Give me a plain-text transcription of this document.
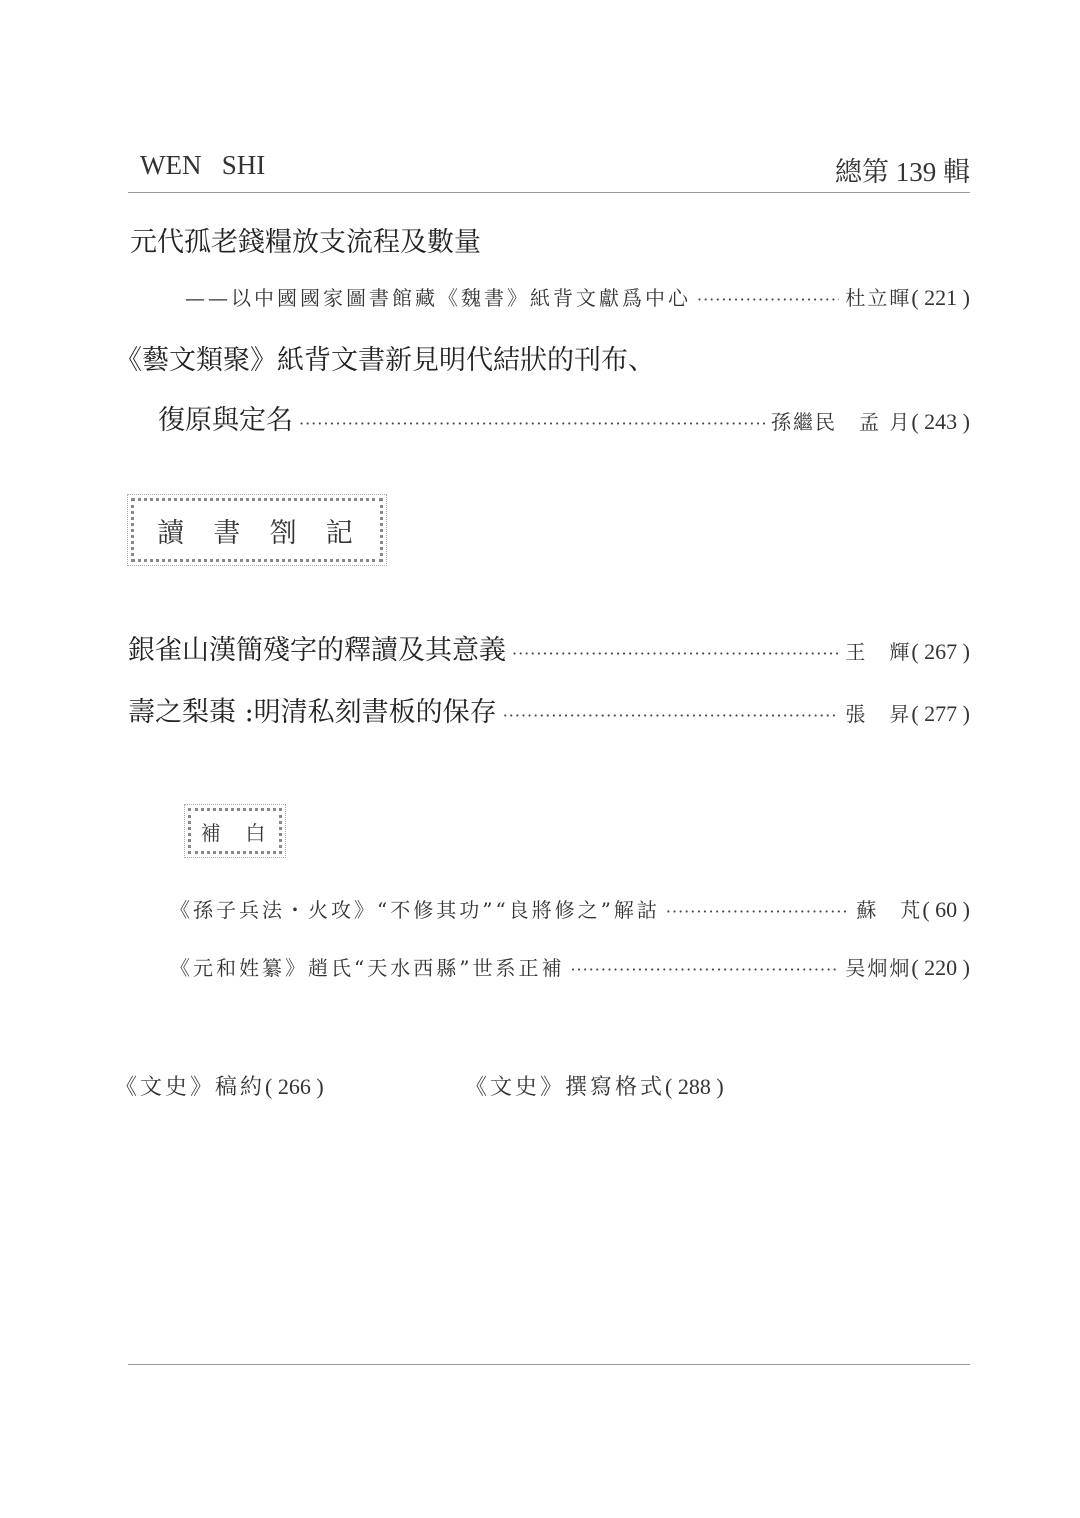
WEN   SHI	總第 139 輯
元代孤老錢糧放支流程及數量
——以中國國家圖書館藏《魏書》紙背文獻爲中心 ·····	杜立暉 ( 221 )
《藝文類聚》紙背文書新見明代結狀的刊布、
復原與定名 ·····	孫繼民 孟 月 ( 243 )
讀  書  劄  記
銀雀山漢簡殘字的釋讀及其意義 ·····	王 輝 ( 267 )
壽之梨棗 :明清私刻書板的保存 ·····	張 昇 ( 277 )
補  白
《孫子兵法・火攻》“不修其功”“良將修之”解詁 ·····	蘇 芃 ( 60 )
《元和姓纂》趙氏“天水西縣”世系正補 ·····	吴炯炯 ( 220 )
《文史》稿約( 266 )	《文史》撰寫格式( 288 )
